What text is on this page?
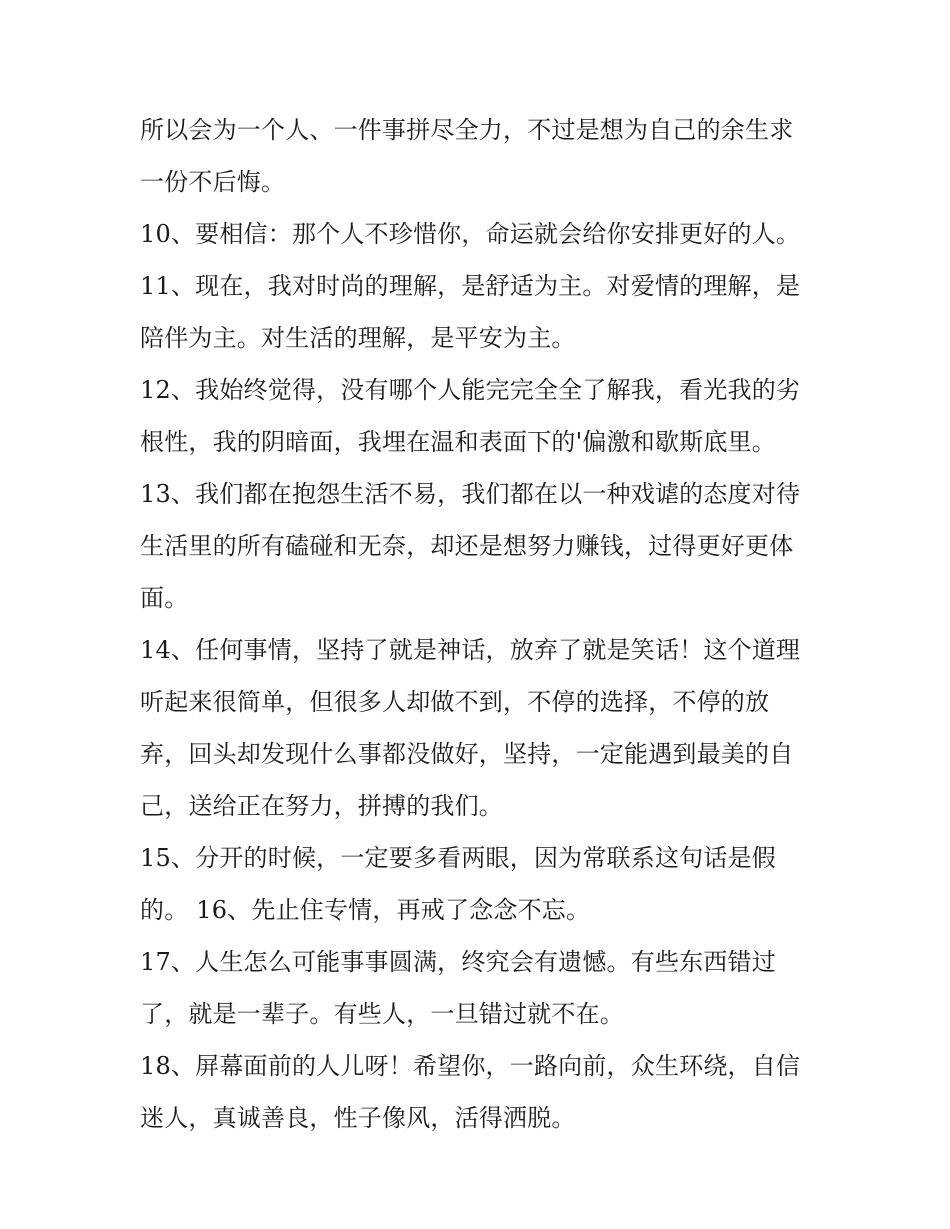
所以会为一个人、一件事拼尽全力，不过是想为自己的余生求
一份不后悔。
10、要相信：那个人不珍惜你，命运就会给你安排更好的人。
11、现在，我对时尚的理解，是舒适为主。对爱情的理解，是
陪伴为主。对生活的理解，是平安为主。
12、我始终觉得，没有哪个人能完完全全了解我，看光我的劣
根性，我的阴暗面，我埋在温和表面下的'偏激和歇斯底里。
13、我们都在抱怨生活不易，我们都在以一种戏谑的态度对待
生活里的所有磕碰和无奈，却还是想努力赚钱，过得更好更体
面。
14、任何事情，坚持了就是神话，放弃了就是笑话！这个道理
听起来很简单，但很多人却做不到，不停的选择，不停的放
弃，回头却发现什么事都没做好，坚持，一定能遇到最美的自
己，送给正在努力，拼搏的我们。
15、分开的时候，一定要多看两眼，因为常联系这句话是假
的。 16、先止住专情，再戒了念念不忘。
17、人生怎么可能事事圆满，终究会有遗憾。有些东西错过
了，就是一辈子。有些人，一旦错过就不在。
18、屏幕面前的人儿呀！希望你，一路向前，众生环绕，自信
迷人，真诚善良，性子像风，活得洒脱。
